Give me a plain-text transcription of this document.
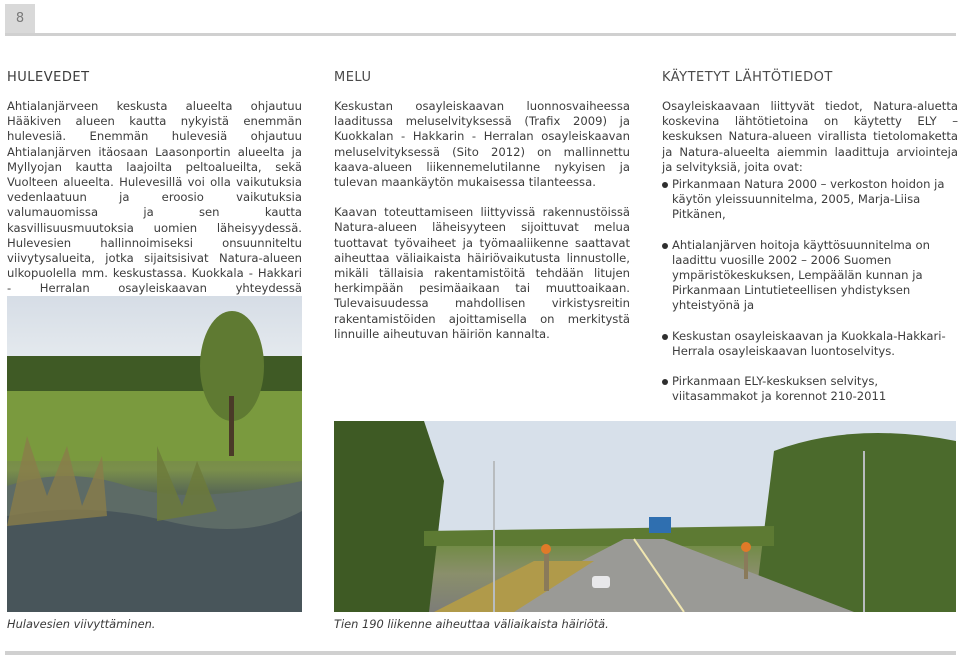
8
HULEVEDET

Ahtialanjärveen keskusta alueelta ohjautuu Hääkiven alueen kautta nykyistä enemmän hulevesiä. Enemmän hulevesiä ohjautuu Ahtialanjärven itäosaan Laasonportin alueelta ja Myllyojan kautta laajoilta peltoalueilta, sekä Vuolteen alueelta. Hulevesillä voi olla vaikutuksia vedenlaatuun ja eroosio vaikutuksia valumauomissa ja sen kautta kasvillisuusmuutoksia uomien läheisyydessä. Hulevesien hallinnoimiseksi onsuunniteltu viivytysalueita, jotka sijaitsisivat Natura-alueen ulkopuolella mm. keskustassa. Kuokkala - Hakkari - Herralan osayleiskaavan yhteydessä

MELU

Keskustan osayleiskaavan luonnosvaiheessa laaditussa meluselvityksessä (Trafix 2009) ja Kuokkalan - Hakkarin - Herralan osayleiskaavan meluselvityksessä (Sito 2012) on mallinnettu kaava-alueen liikennemelutilanne nykyisen ja tulevan maankäytön mukaisessa tilanteessa.

Kaavan toteuttamiseen liittyvissä rakennustöissä Natura-alueen läheisyyteen sijoittuvat melua tuottavat työvaiheet ja työmaaliikenne saattavat aiheuttaa väliaikaista häiriövaikutusta linnustolle, mikäli tällaisia rakentamistöitä tehdään litujen herkimpään pesimäaikaan tai muuttoaikaan. Tulevaisuudessa mahdollisen virkistysreitin rakentamistöiden ajoittamisella on merkitystä linnuille aiheutuvan häiriön kannalta.

KÄYTETYT LÄHTÖTIEDOT

Osayleiskaavaan liittyvät tiedot, Natura-aluetta koskevina lähtötietoina on käytetty ELY –keskuksen Natura-alueen virallista tietolomaketta ja Natura-alueelta aiemmin laadittuja arviointeja ja selvityksiä, joita ovat:

Pirkanmaan Natura 2000 – verkoston hoidon ja käytön yleissuunnitelma, 2005, Marja-Liisa Pitkänen,
Ahtialanjärven hoitoja käyttösuunnitelma on laadittu vuosille 2002 – 2006 Suomen ympäristökeskuksen, Lempäälän kunnan ja Pirkanmaan Lintutieteellisen yhdistyksen yhteistyönä ja
Keskustan osayleiskaavan ja Kuokkala-Hakkari-Herrala osayleiskaavan luontoselvitys.
Pirkanmaan ELY-keskuksen selvitys, viitasammakot ja korennot 210-2011
Hulavesien viivyttäminen.	Tien 190 liikenne aiheuttaa väliaikaista häiriötä.
